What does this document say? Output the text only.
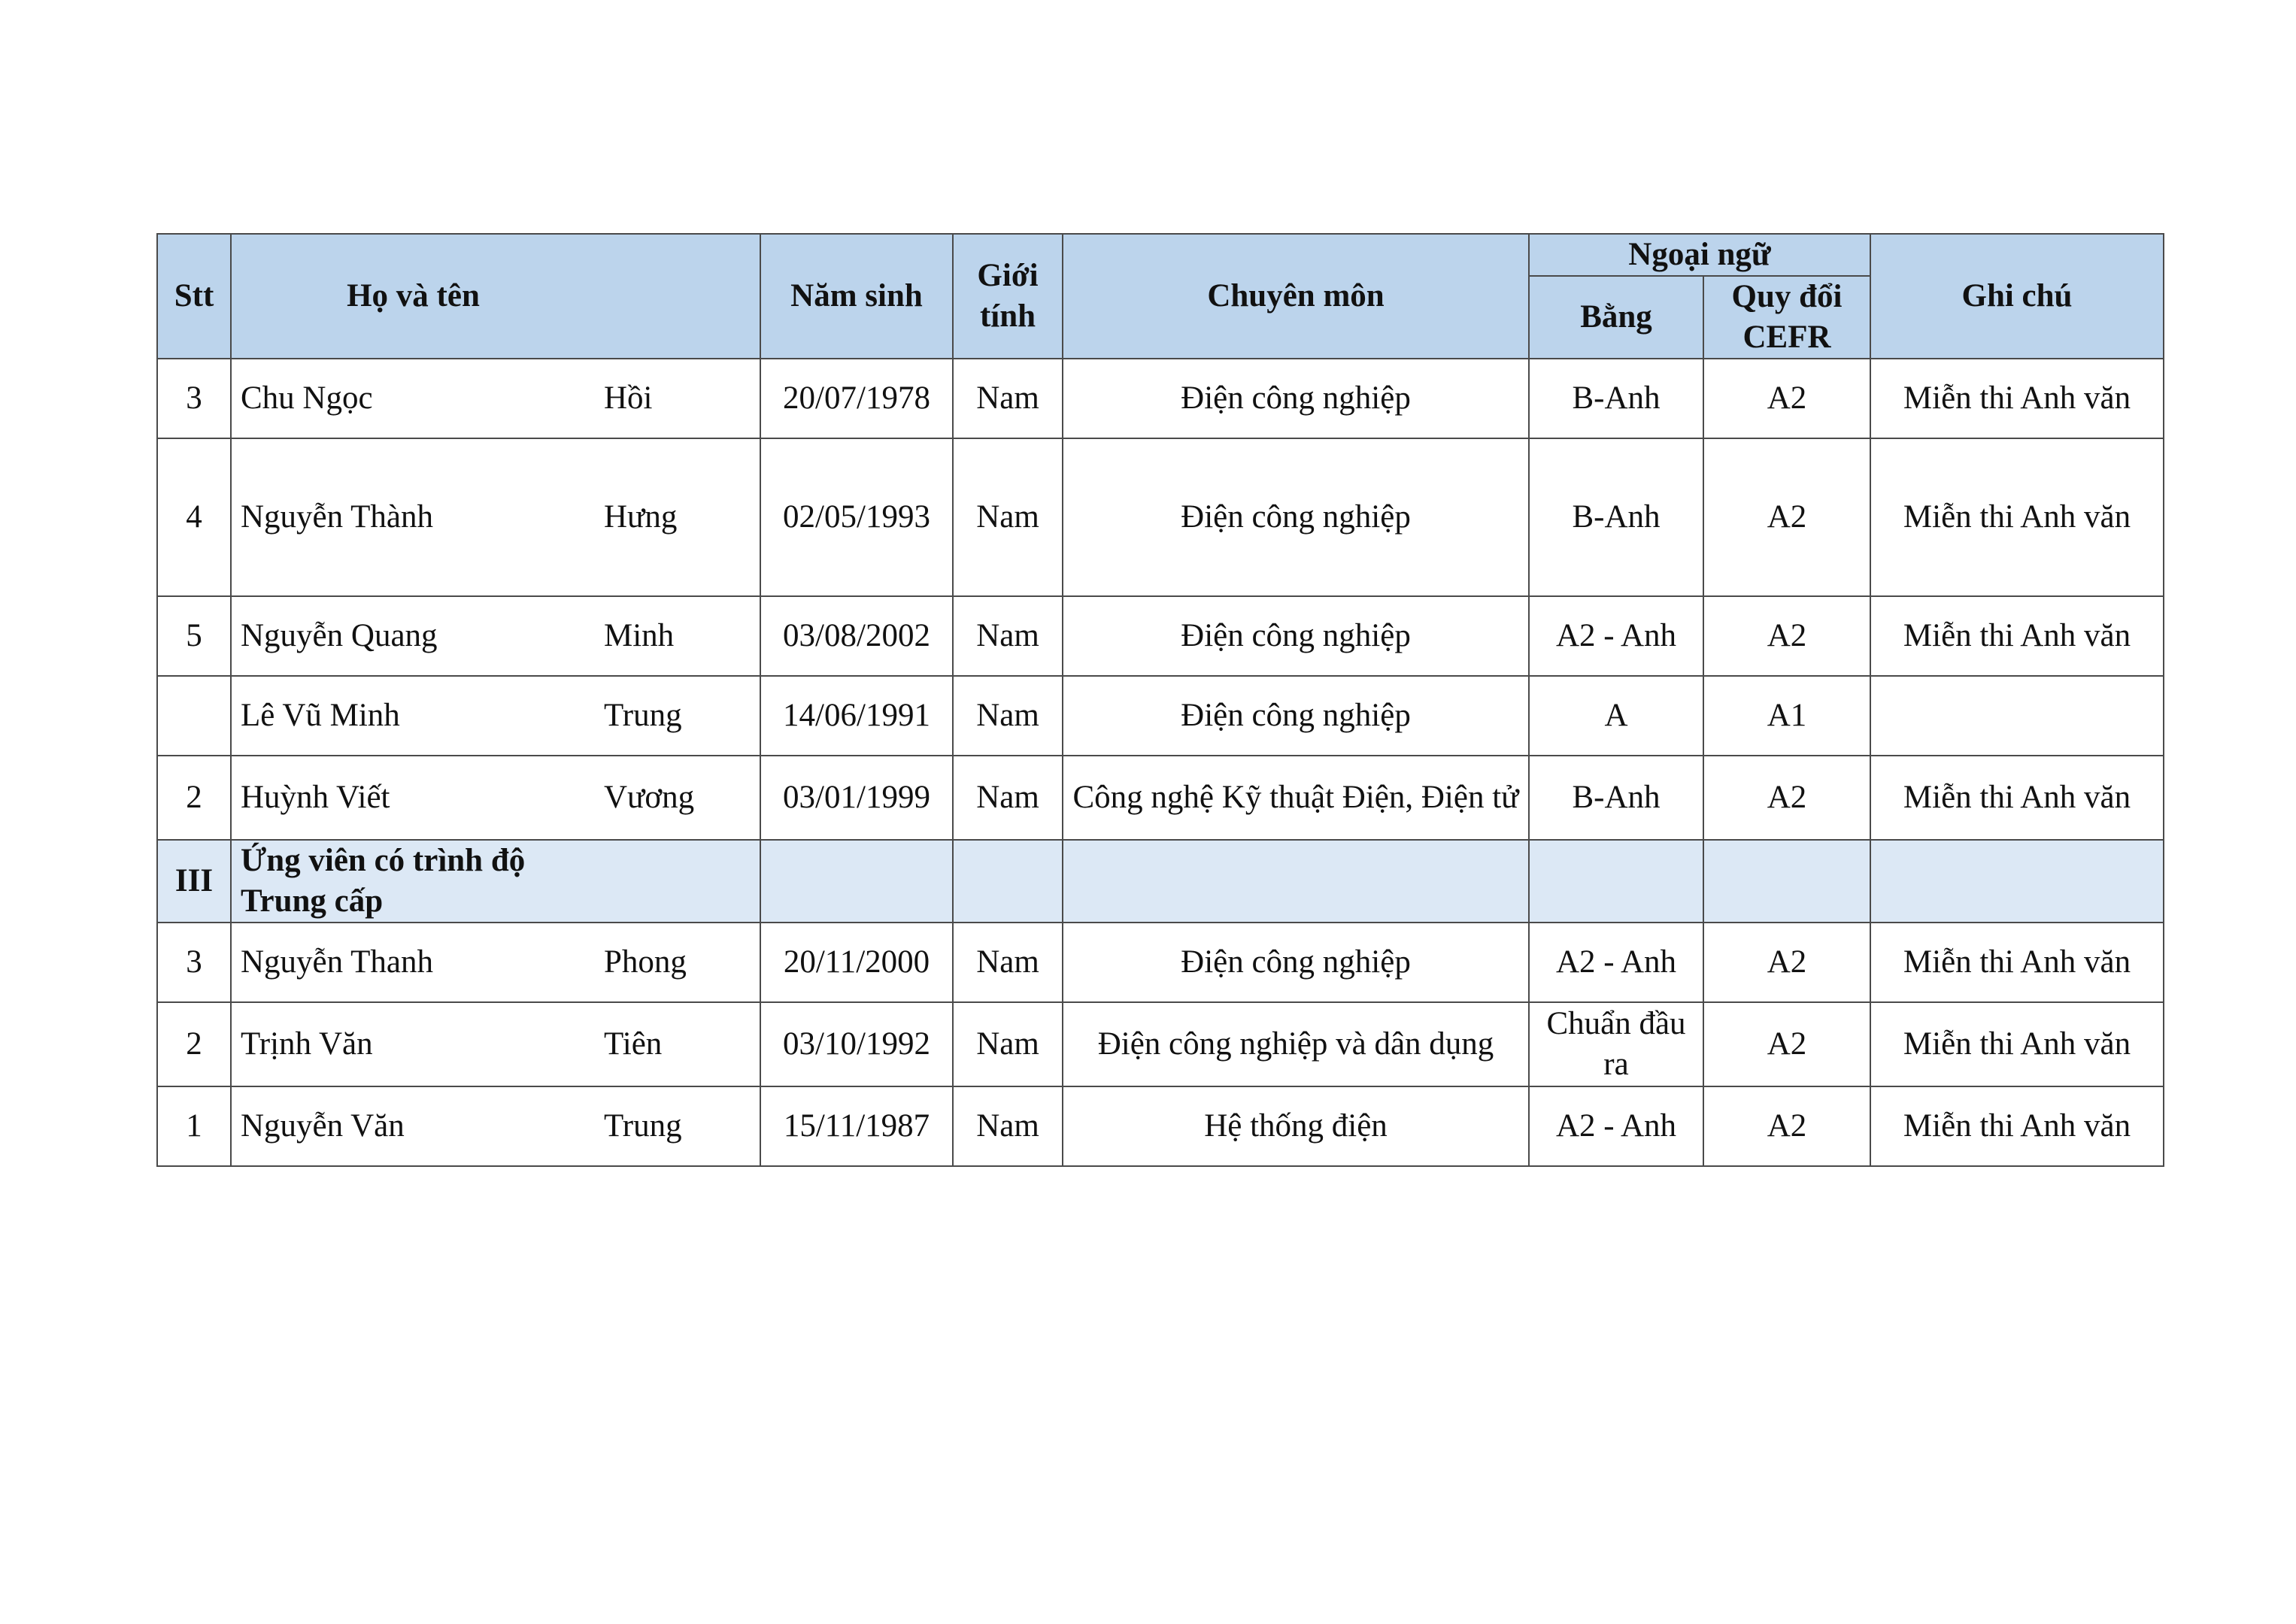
Stt	Họ và tên		Năm sinh	Giới tính	Chuyên môn	Ngoại ngữ		Ghi chú
						Bằng	Quy đổi CEFR	

3	Chu Ngọc	Hồi	20/07/1978	Nam	Điện công nghiệp	B-Anh	A2	Miễn thi Anh văn
4	Nguyễn Thành	Hưng	02/05/1993	Nam	Điện công nghiệp	B-Anh	A2	Miễn thi Anh văn
5	Nguyễn Quang	Minh	03/08/2002	Nam	Điện công nghiệp	A2 - Anh	A2	Miễn thi Anh văn
	Lê Vũ Minh	Trung	14/06/1991	Nam	Điện công nghiệp	A	A1	
2	Huỳnh Viết	Vương	03/01/1999	Nam	Công nghệ Kỹ thuật Điện, Điện tử	B-Anh	A2	Miễn thi Anh văn
III	Ứng viên có trình độ Trung cấp							
3	Nguyễn Thanh	Phong	20/11/2000	Nam	Điện công nghiệp	A2 - Anh	A2	Miễn thi Anh văn
2	Trịnh Văn	Tiên	03/10/1992	Nam	Điện công nghiệp và dân dụng	Chuẩn đầu ra	A2	Miễn thi Anh văn
1	Nguyễn Văn	Trung	15/11/1987	Nam	Hệ thống điện	A2 - Anh	A2	Miễn thi Anh văn
